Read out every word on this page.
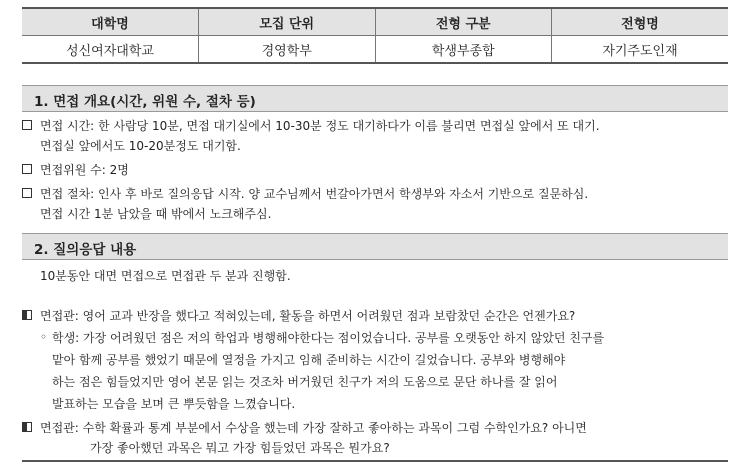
대학명	모집 단위	전형 구분	전형명
성신여자대학교	경영학부	학생부종합	자기주도인재
1. 면접 개요(시간, 위원 수, 절차 등)
면접 시간: 한 사람당 10분, 면접 대기실에서 10-30분 정도 대기하다가 이름 불리면 면접실 앞에서 또 대기.
면접실 앞에서도 10-20분정도 대기함.
면접위원 수: 2명
면접 절차: 인사 후 바로 질의응답 시작. 양 교수님께서 번갈아가면서 학생부와 자소서 기반으로 질문하심.
면접 시간 1분 남았을 때 밖에서 노크해주심.
2. 질의응답 내용
10분동안 대면 면접으로 면접관 두 분과 진행함.
면접관: 영어 교과 반장을 했다고 적혀있는데, 활동을 하면서 어려웠던 점과 보람찼던 순간은 언젠가요?
◦ 학생: 가장 어려웠던 점은 저의 학업과 병행해야한다는 점이었습니다. 공부를 오랫동안 하지 않았던 친구를
맡아 함께 공부를 했었기 때문에 열정을 가지고 임해 준비하는 시간이 길었습니다. 공부와 병행해야
하는 점은 힘들었지만 영어 본문 읽는 것조차 버거웠던 친구가 저의 도움으로 문단 하나를 잘 읽어
발표하는 모습을 보며 큰 뿌듯함을 느꼈습니다.
면접관: 수학 확률과 통계 부분에서 수상을 했는데 가장 잘하고 좋아하는 과목이 그럼 수학인가요? 아니면
가장 좋아했던 과목은 뭐고 가장 힘들었던 과목은 뭔가요?
